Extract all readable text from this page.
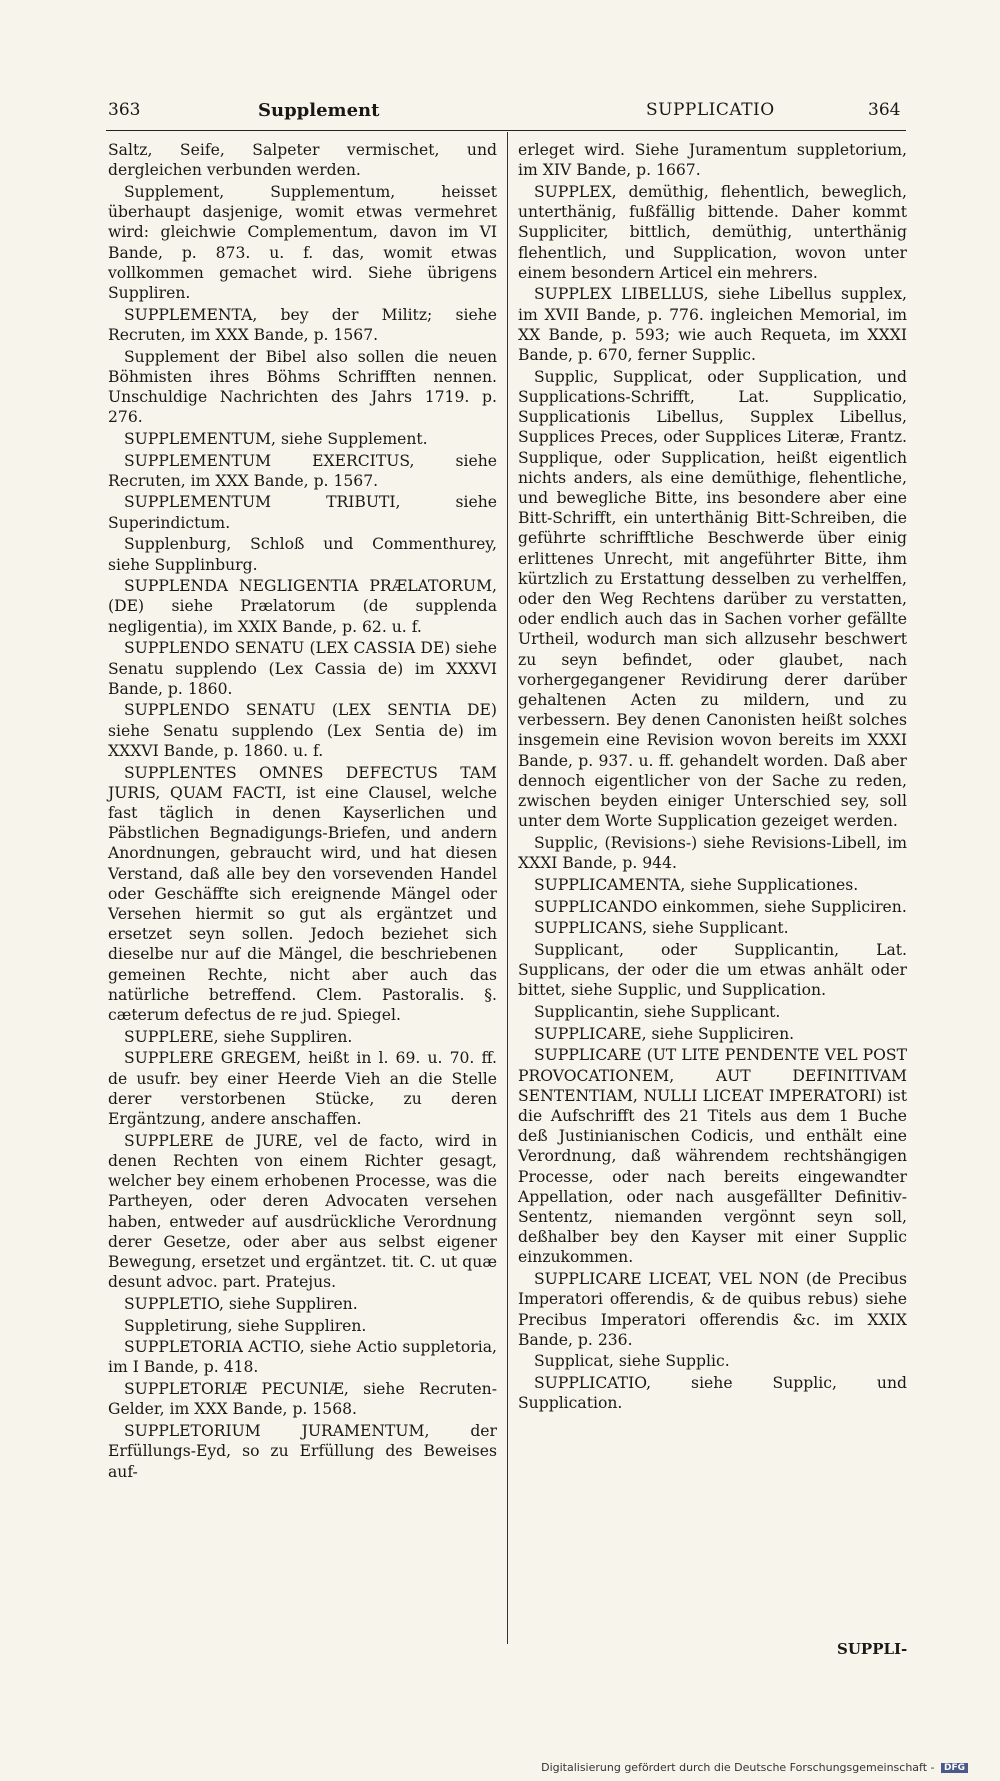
363	Supplement	SUPPLICATIO	364

Saltz, Seife, Salpeter vermischet, und dergleichen verbunden werden.

Supplement, Supplementum, heisset überhaupt dasjenige, womit etwas vermehret wird: gleichwie Complementum, davon im VI Bande, p. 873. u. f. das, womit etwas vollkommen gemachet wird. Siehe übrigens Suppliren.

SUPPLEMENTA, bey der Militz; siehe Recruten, im XXX Bande, p. 1567.

Supplement der Bibel also sollen die neuen Böhmisten ihres Böhms Schrifften nennen. Unschuldige Nachrichten des Jahrs 1719. p. 276.

SUPPLEMENTUM, siehe Supplement.

SUPPLEMENTUM EXERCITUS, siehe Recruten, im XXX Bande, p. 1567.

SUPPLEMENTUM TRIBUTI, siehe Superindictum.

Supplenburg, Schloß und Commenthurey, siehe Supplinburg.

SUPPLENDA NEGLIGENTIA PRÆLATORUM, (DE) siehe Prælatorum (de supplenda negligentia), im XXIX Bande, p. 62. u. f.

SUPPLENDO SENATU (LEX CASSIA DE) siehe Senatu supplendo (Lex Cassia de) im XXXVI Bande, p. 1860.

SUPPLENDO SENATU (LEX SENTIA DE) siehe Senatu supplendo (Lex Sentia de) im XXXVI Bande, p. 1860. u. f.

SUPPLENTES OMNES DEFECTUS TAM JURIS, QUAM FACTI, ist eine Clausel, welche fast täglich in denen Kayserlichen und Päbstlichen Begnadigungs-Briefen, und andern Anordnungen, gebraucht wird, und hat diesen Verstand, daß alle bey den vorsevenden Handel oder Geschäffte sich ereignende Mängel oder Versehen hiermit so gut als ergäntzet und ersetzet seyn sollen. Jedoch beziehet sich dieselbe nur auf die Mängel, die beschriebenen gemeinen Rechte, nicht aber auch das natürliche betreffend. Clem. Pastoralis. §. cæterum defectus de re jud. Spiegel.

SUPPLERE, siehe Suppliren.

SUPPLERE GREGEM, heißt in l. 69. u. 70. ff. de usufr. bey einer Heerde Vieh an die Stelle derer verstorbenen Stücke, zu deren Ergäntzung, andere anschaffen.

SUPPLERE de JURE, vel de facto, wird in denen Rechten von einem Richter gesagt, welcher bey einem erhobenen Processe, was die Partheyen, oder deren Advocaten versehen haben, entweder auf ausdrückliche Verordnung derer Gesetze, oder aber aus selbst eigener Bewegung, ersetzet und ergäntzet. tit. C. ut quæ desunt advoc. part. Pratejus.

SUPPLETIO, siehe Suppliren.

Suppletirung, siehe Suppliren.

SUPPLETORIA ACTIO, siehe Actio suppletoria, im I Bande, p. 418.

SUPPLETORIÆ PECUNIÆ, siehe Recruten-Gelder, im XXX Bande, p. 1568.

SUPPLETORIUM JURAMENTUM, der Erfüllungs-Eyd, so zu Erfüllung des Beweises auf-

erleget wird. Siehe Juramentum suppletorium, im XIV Bande, p. 1667.

SUPPLEX, demüthig, flehentlich, beweglich, unterthänig, fußfällig bittende. Daher kommt Suppliciter, bittlich, demüthig, unterthänig flehentlich, und Supplication, wovon unter einem besondern Articel ein mehrers.

SUPPLEX LIBELLUS, siehe Libellus supplex, im XVII Bande, p. 776. ingleichen Memorial, im XX Bande, p. 593; wie auch Requeta, im XXXI Bande, p. 670, ferner Supplic.

Supplic, Supplicat, oder Supplication, und Supplications-Schrifft, Lat. Supplicatio, Supplicationis Libellus, Supplex Libellus, Supplices Preces, oder Supplices Literæ, Frantz. Supplique, oder Supplication, heißt eigentlich nichts anders, als eine demüthige, flehentliche, und bewegliche Bitte, ins besondere aber eine Bitt-Schrifft, ein unterthänig Bitt-Schreiben, die geführte schrifftliche Beschwerde über einig erlittenes Unrecht, mit angeführter Bitte, ihm kürtzlich zu Erstattung desselben zu verhelffen, oder den Weg Rechtens darüber zu verstatten, oder endlich auch das in Sachen vorher gefällte Urtheil, wodurch man sich allzusehr beschwert zu seyn befindet, oder glaubet, nach vorhergegangener Revidirung derer darüber gehaltenen Acten zu mildern, und zu verbessern. Bey denen Canonisten heißt solches insgemein eine Revision wovon bereits im XXXI Bande, p. 937. u. ff. gehandelt worden. Daß aber dennoch eigentlicher von der Sache zu reden, zwischen beyden einiger Unterschied sey, soll unter dem Worte Supplication gezeiget werden.

Supplic, (Revisions-) siehe Revisions-Libell, im XXXI Bande, p. 944.

SUPPLICAMENTA, siehe Supplicationes.

SUPPLICANDO einkommen, siehe Suppliciren.

SUPPLICANS, siehe Supplicant.

Supplicant, oder Supplicantin, Lat. Supplicans, der oder die um etwas anhält oder bittet, siehe Supplic, und Supplication.

Supplicantin, siehe Supplicant.

SUPPLICARE, siehe Suppliciren.

SUPPLICARE (UT LITE PENDENTE VEL POST PROVOCATIONEM, AUT DEFINITIVAM SENTENTIAM, NULLI LICEAT IMPERATORI) ist die Aufschrifft des 21 Titels aus dem 1 Buche deß Justinianischen Codicis, und enthält eine Verordnung, daß währendem rechtshängigen Processe, oder nach bereits eingewandter Appellation, oder nach ausgefällter Definitiv-Sententz, niemanden vergönnt seyn soll, deßhalber bey den Kayser mit einer Supplic einzukommen.

SUPPLICARE LICEAT, VEL NON (de Precibus Imperatori offerendis, & de quibus rebus) siehe Precibus Imperatori offerendis &c. im XXIX Bande, p. 236.

Supplicat, siehe Supplic.

SUPPLICATIO, siehe Supplic, und Supplication.

SUPPLI-
Digitalisierung gefördert durch die Deutsche Forschungsgemeinschaft - DFG
